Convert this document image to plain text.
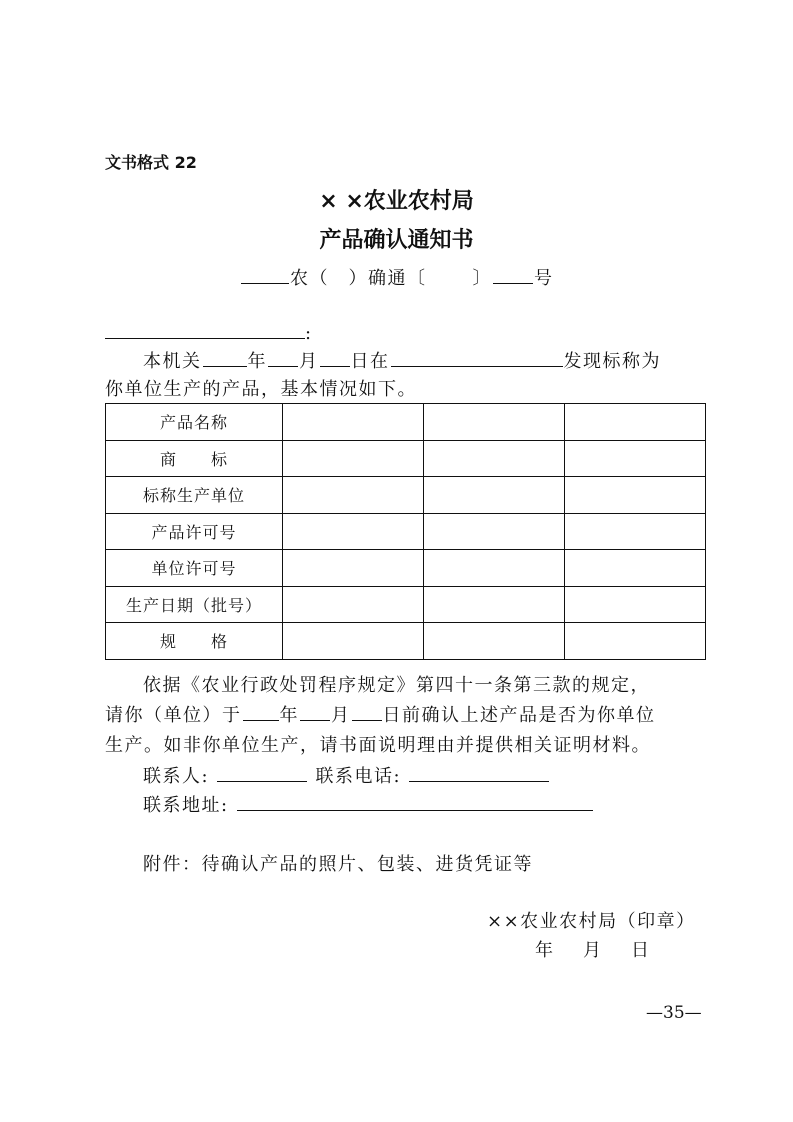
文书格式 22
× ×农业农村局
产品确认通知书
农（　）确通〔	〕 号
:
本机关	年 月 日在	发现标称为
你单位生产的产品，基本情况如下。
产品名称			
商　　标			
标称生产单位			
产品许可号			
单位许可号			
生产日期（批号）			
规　　格			
依据《农业行政处罚程序规定》第四十一条第三款的规定，
请你（单位）于 年 月 日前确认上述产品是否为你单位
生产。如非你单位生产，请书面说明理由并提供相关证明材料。
联系人:	联系电话:
联系地址:
附件：待确认产品的照片、包装、进货凭证等
××农业农村局（印章）
年　月　日
—35—
